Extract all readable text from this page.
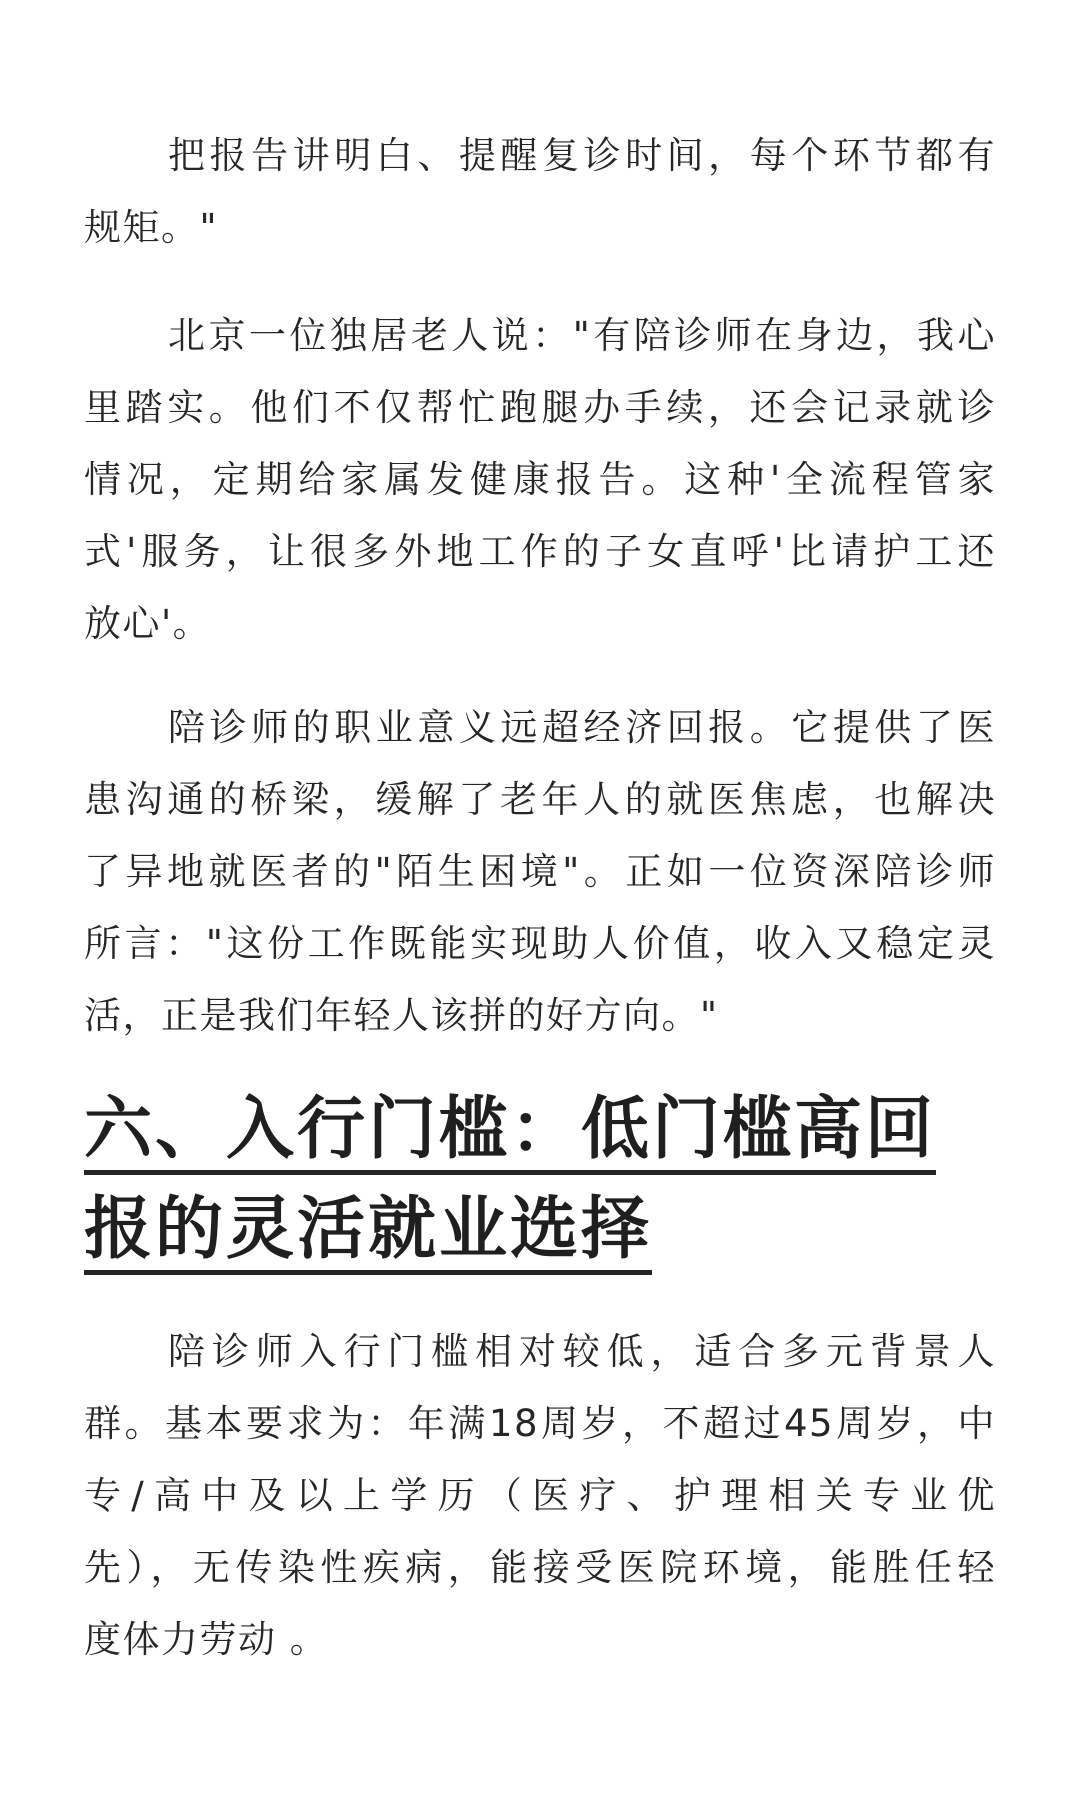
把报告讲明白、提醒复诊时间，每个环节都有
规矩。"
北京一位独居老人说："有陪诊师在身边，我心
里踏实。他们不仅帮忙跑腿办手续，还会记录就诊
情况，定期给家属发健康报告。这种'全流程管家
式'服务，让很多外地工作的子女直呼'比请护工还
放心'。
陪诊师的职业意义远超经济回报。它提供了医
患沟通的桥梁，缓解了老年人的就医焦虑，也解决
了异地就医者的"陌生困境"。正如一位资深陪诊师
所言："这份工作既能实现助人价值，收入又稳定灵
活，正是我们年轻人该拼的好方向。"
六、入行门槛：低门槛高回
报的灵活就业选择
陪诊师入行门槛相对较低，适合多元背景人
群。基本要求为：年满18周岁，不超过45周岁，中
专/高中及以上学历（医疗、护理相关专业优
先），无传染性疾病，能接受医院环境，能胜任轻
度体力劳动 。
